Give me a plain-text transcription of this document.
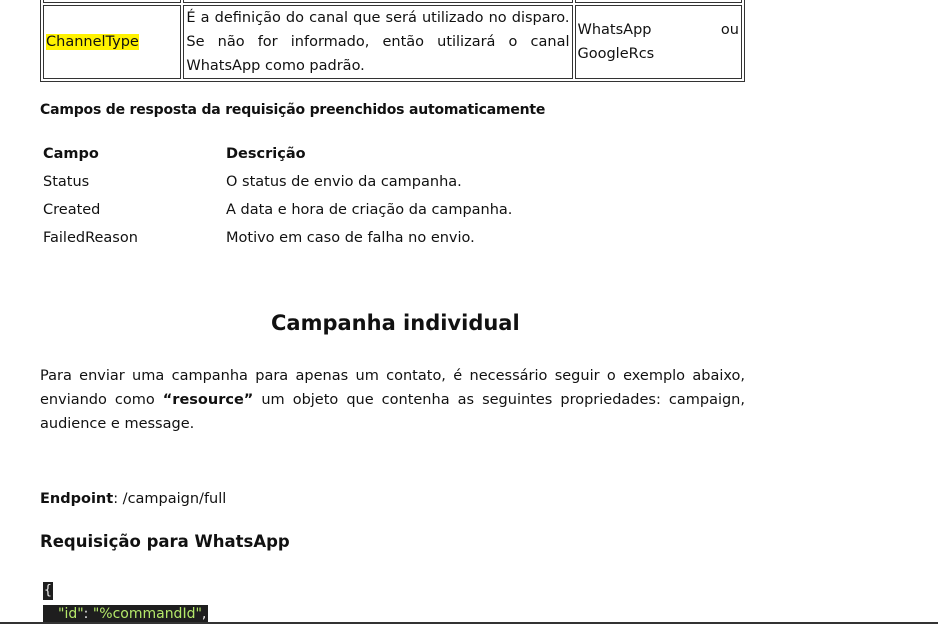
ChannelType	É a definição do canal que será utilizado no disparo. Se não for informado, então utilizará o canal WhatsApp como padrão.	WhatsApp ou GoogleRcs
Campos de resposta da requisição preenchidos automaticamente
Campo	Descrição
Status	O status de envio da campanha.
Created	A data e hora de criação da campanha.
FailedReason	Motivo em caso de falha no envio.
Campanha individual
Para enviar uma campanha para apenas um contato, é necessário seguir o exemplo abaixo, enviando como “resource” um objeto que contenha as seguintes propriedades: campaign, audience e message.
Endpoint: /campaign/full
Requisição para WhatsApp
{
"id": "%commandId",
